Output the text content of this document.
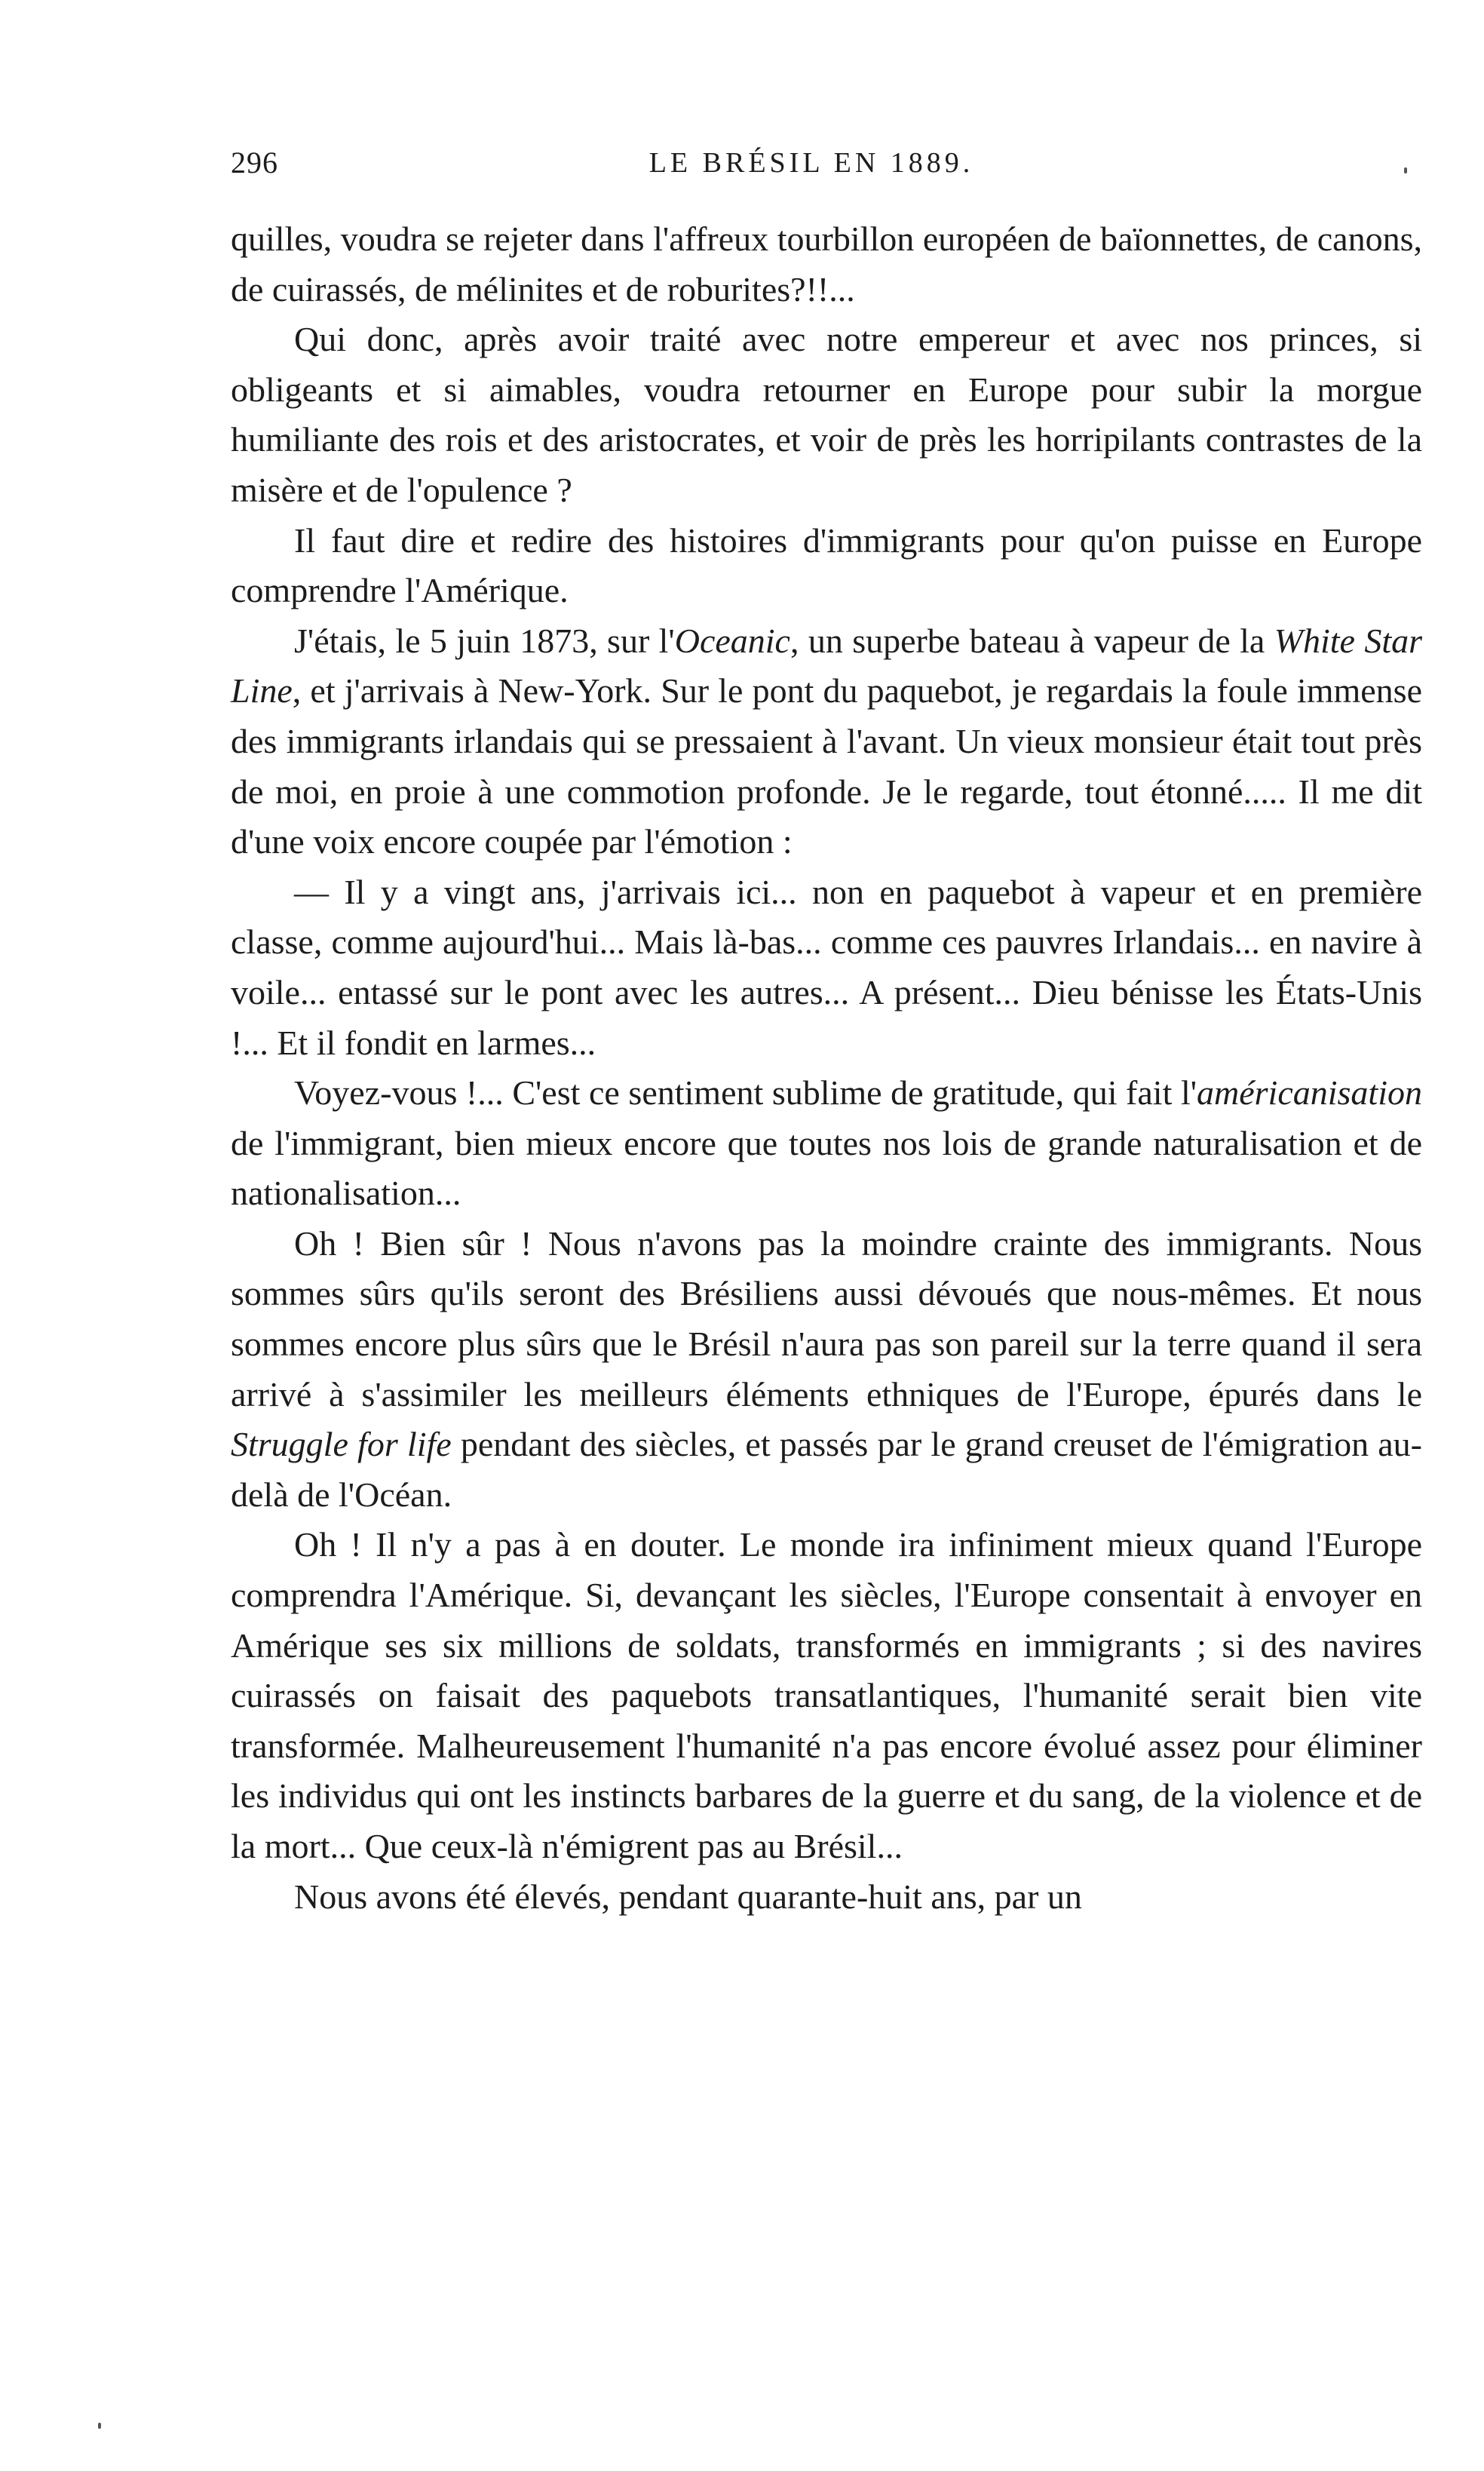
296	LE BRÉSIL EN 1889.

quilles, voudra se rejeter dans l'affreux tourbillon européen de baïonnettes, de canons, de cuirassés, de mélinites et de roburites?!!...

Qui donc, après avoir traité avec notre empereur et avec nos princes, si obligeants et si aimables, voudra retourner en Europe pour subir la morgue humiliante des rois et des aristocrates, et voir de près les horripilants contrastes de la misère et de l'opulence ?

Il faut dire et redire des histoires d'immigrants pour qu'on puisse en Europe comprendre l'Amérique.

J'étais, le 5 juin 1873, sur l'Oceanic, un superbe bateau à vapeur de la White Star Line, et j'arrivais à New-York. Sur le pont du paquebot, je regardais la foule immense des immigrants irlandais qui se pressaient à l'avant. Un vieux monsieur était tout près de moi, en proie à une commotion profonde. Je le regarde, tout étonné..... Il me dit d'une voix encore coupée par l'émotion :

— Il y a vingt ans, j'arrivais ici... non en paquebot à vapeur et en première classe, comme aujourd'hui... Mais là-bas... comme ces pauvres Irlandais... en navire à voile... entassé sur le pont avec les autres... A présent... Dieu bénisse les États-Unis !... Et il fondit en larmes...

Voyez-vous !... C'est ce sentiment sublime de gratitude, qui fait l'américanisation de l'immigrant, bien mieux encore que toutes nos lois de grande naturalisation et de nationalisation...

Oh ! Bien sûr ! Nous n'avons pas la moindre crainte des immigrants. Nous sommes sûrs qu'ils seront des Brésiliens aussi dévoués que nous-mêmes. Et nous sommes encore plus sûrs que le Brésil n'aura pas son pareil sur la terre quand il sera arrivé à s'assimiler les meilleurs éléments ethniques de l'Europe, épurés dans le Struggle for life pendant des siècles, et passés par le grand creuset de l'émigration au-delà de l'Océan.

Oh ! Il n'y a pas à en douter. Le monde ira infiniment mieux quand l'Europe comprendra l'Amérique. Si, devançant les siècles, l'Europe consentait à envoyer en Amérique ses six millions de soldats, transformés en immigrants ; si des navires cuirassés on faisait des paquebots transatlantiques, l'humanité serait bien vite transformée. Malheureusement l'humanité n'a pas encore évolué assez pour éliminer les individus qui ont les instincts barbares de la guerre et du sang, de la violence et de la mort... Que ceux-là n'émigrent pas au Brésil...

Nous avons été élevés, pendant quarante-huit ans, par un
